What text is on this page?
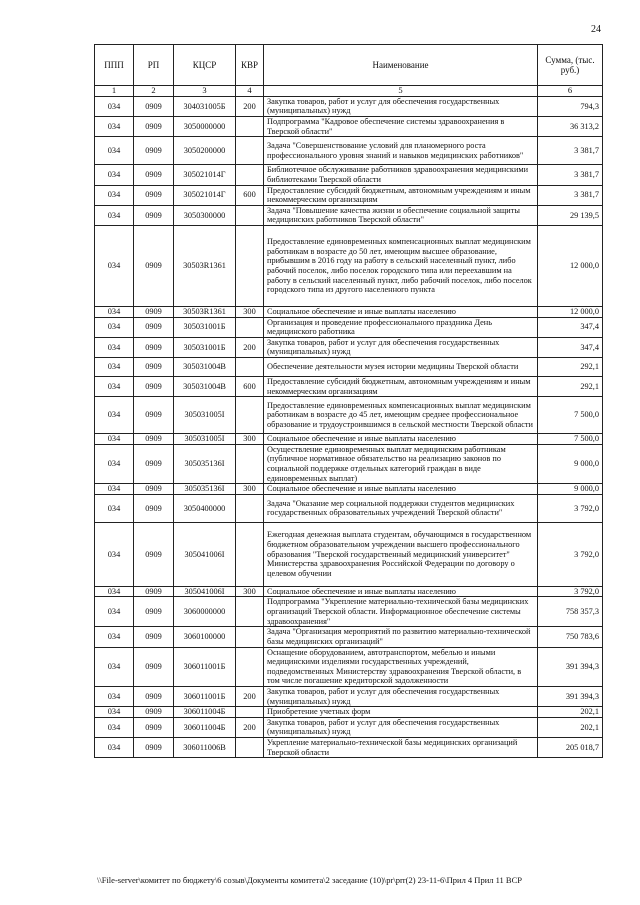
24
ППП	РП	КЦСР	КВР	Наименование	Сумма, (тыс. руб.)
1	2	3	4	5	6
034	0909	304031005Б	200	Закупка товаров, работ и услуг для обеспечения государственных (муниципальных) нужд	794,3
034	0909	3050000000		Подпрограмма "Кадровое обеспечение системы здравоохранения в Тверской области"	36 313,2
034	0909	3050200000		Задача "Совершенствование условий для планомерного роста профессионального уровня знаний и навыков медицинских работников"	3 381,7
034	0909	305021014Г		Библиотечное обслуживание работников здравоохранения медицинскими библиотеками Тверской области	3 381,7
034	0909	305021014Г	600	Предоставление субсидий бюджетным, автономным учреждениям и иным некоммерческим организациям	3 381,7
034	0909	3050300000		Задача "Повышение качества жизни и обеспечение социальной защиты медицинских работников Тверской области"	29 139,5
034	0909	30503R1361		Предоставление единовременных компенсационных выплат медицинским работникам в возрасте до 50 лет, имеющим высшее образование, прибывшим в 2016 году на работу в сельский населенный пункт, либо рабочий поселок, либо поселок городского типа или переехавшим на работу в сельский населенный пункт, либо рабочий поселок, либо поселок городского типа из другого населенного пункта	12 000,0
034	0909	30503R1361	300	Социальное обеспечение и иные выплаты населению	12 000,0
034	0909	305031001Б		Организация и проведение профессионального праздника День медицинского работника	347,4
034	0909	305031001Б	200	Закупка товаров, работ и услуг для обеспечения государственных (муниципальных) нужд	347,4
034	0909	305031004В		Обеспечение деятельности музея истории медицины Тверской области	292,1
034	0909	305031004В	600	Предоставление субсидий бюджетным, автономным учреждениям и иным некоммерческим организациям	292,1
034	0909	305031005I		Предоставление единовременных компенсационных выплат медицинским работникам в возрасте до 45 лет, имеющим среднее профессиональное образование и трудоустроившимся в сельской местности Тверской области	7 500,0
034	0909	305031005I	300	Социальное обеспечение и иные выплаты населению	7 500,0
034	0909	305035136I		Осуществление единовременных выплат медицинским работникам (публичное нормативное обязательство на реализацию законов по социальной поддержке отдельных категорий граждан в виде единовременных выплат)	9 000,0
034	0909	305035136I	300	Социальное обеспечение и иные выплаты населению	9 000,0
034	0909	3050400000		Задача "Оказание мер социальной поддержки студентов медицинских государственных образовательных учреждений Тверской области"	3 792,0
034	0909	305041006I		Ежегодная денежная выплата студентам, обучающимся в государственном бюджетном образовательном учреждении высшего профессионального образования "Тверской государственный медицинский университет" Министерства здравоохранения Российской Федерации по договору о целевом обучении	3 792,0
034	0909	305041006I	300	Социальное обеспечение и иные выплаты населению	3 792,0
034	0909	3060000000		Подпрограмма "Укрепление материально-технической базы медицинских организаций Тверской области. Информационное обеспечение системы здравоохранения"	758 357,3
034	0909	3060100000		Задача "Организация мероприятий по развитию материально-технической базы медицинских организаций"	750 783,6
034	0909	306011001Б		Оснащение оборудованием, автотранспортом, мебелью и иными медицинскими изделиями государственных учреждений, подведомственных Министерству здравоохранения Тверской области, в том числе погашение кредиторской задолженности	391 394,3
034	0909	306011001Б	200	Закупка товаров, работ и услуг для обеспечения государственных (муниципальных) нужд	391 394,3
034	0909	306011004Б		Приобретение учетных форм	202,1
034	0909	306011004Б	200	Закупка товаров, работ и услуг для обеспечения государственных (муниципальных) нужд	202,1
034	0909	306011006В		Укрепление материально-технической базы медицинских организаций Тверской области	205 018,7
\\File-server\комитет по бюджету\6 созыв\Документы комитета\2 заседание (10)\pr\prr(2) 23-11-6\Прил 4 Прил 11 ВСР
